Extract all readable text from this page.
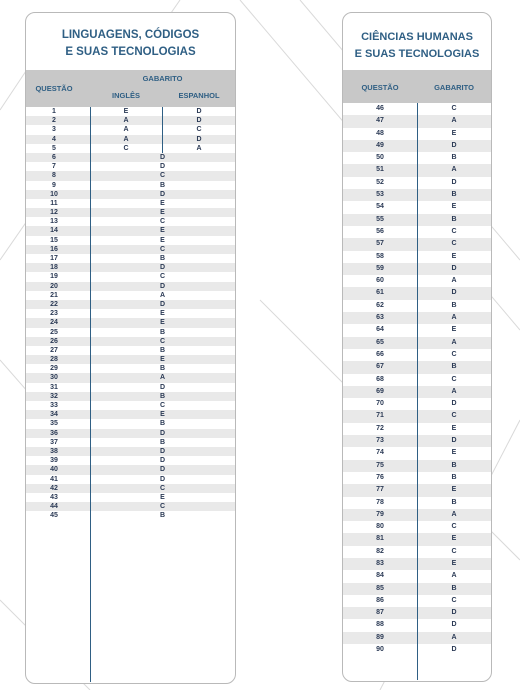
LINGUAGENS, CÓDIGOS
E SUAS TECNOLOGIAS
QUESTÃO
GABARITO
INGLÊS	ESPANHOL
1	E	D
2	A	D
3	A	C
4	A	D
5	C	A
6	D
7	D
8	C
9	B
10	D
11	E
12	E
13	C
14	E
15	E
16	C
17	B
18	D
19	C
20	D
21	A
22	D
23	E
24	E
25	B
26	C
27	B
28	E
29	B
30	A
31	D
32	B
33	C
34	E
35	B
36	D
37	B
38	D
39	D
40	D
41	D
42	C
43	E
44	C
45	B
CIÊNCIAS HUMANAS
E SUAS TECNOLOGIAS
QUESTÃO	GABARITO
46	C
47	A
48	E
49	D
50	B
51	A
52	D
53	B
54	E
55	B
56	C
57	C
58	E
59	D
60	A
61	D
62	B
63	A
64	E
65	A
66	C
67	B
68	C
69	A
70	D
71	C
72	E
73	D
74	E
75	B
76	B
77	E
78	B
79	A
80	C
81	E
82	C
83	E
84	A
85	B
86	C
87	D
88	D
89	A
90	D
